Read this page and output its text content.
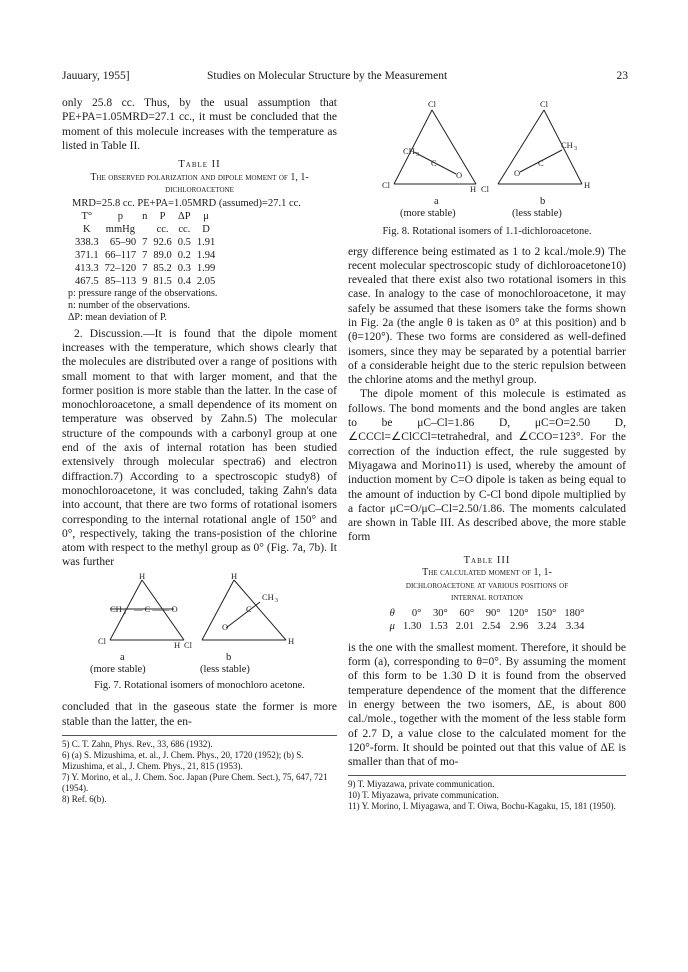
Jauuary, 1955]	Studies on Molecular Structure by the Measurement	23

only 25.8 cc. Thus, by the usual assumption that PE+PA=1.05MRD=27.1 cc., it must be concluded that the moment of this molecule increases with the temperature as listed in Table II.

Table II
The observed polarization and dipole moment of 1, 1-dichloroacetone
MRD=25.8 cc. PE+PA=1.05MRD (assumed)=27.1 cc.
T°	p	n	P	ΔP	μ
K	mmHg		cc.	cc.	D
338.3	65–90	7	92.6	0.5	1.91
371.1	66–117	7	89.0	0.2	1.94
413.3	72–120	7	85.2	0.3	1.99
467.5	85–113	9	81.5	0.4	2.05
p: pressure range of the observations.
n: number of the observations.
ΔP: mean deviation of P.

2. Discussion.—It is found that the dipole moment increases with the temperature, which shows clearly that the molecules are distributed over a range of positions with small moment to that with larger moment, and that the former position is more stable than the latter. In the case of monochloroacetone, a small dependence of its moment on temperature was observed by Zahn.5) The molecular structure of the compounds with a carbonyl group at one end of the axis of internal rotation has been studied extensively through molecular spectra6) and electron diffraction.7) According to a spectroscopic study8) of monochloroacetone, it was concluded, taking Zahn's data into account, that there are two forms of rotational isomers corresponding to the internal rotational angle of 150° and 0°, respectively, taking the trans-posistion of the chlorine atom with respect to the methyl group as 0° (Fig. 7a, 7b). It was further

H
CH 3 — C —— O
Cl	H Cl
H
CH 3
C
O
H
a	b
(more stable)	(less stable)
Fig. 7. Rotational isomers of monochloro acetone.

concluded that in the gaseous state the former is more stable than the latter, the en-

5) C. T. Zahn, Phys. Rev., 33, 686 (1932).
6) (a) S. Mizushima, et. al., J. Chem. Phys., 20, 1720 (1952); (b) S. Mizushima, et al., J. Chem. Phys., 21, 815 (1953).
7) Y. Morino, et al., J. Chem. Soc. Japan (Pure Chem. Sect.), 75, 647, 721 (1954).
8) Ref. 6(b).
Cl
CH 3
C
O
Cl	H Cl
Cl
CH 3
C
O
H
a	b
(more stable)	(less stable)
Fig. 8. Rotational isomers of 1.1-dichloroacetone.

ergy difference being estimated as 1 to 2 kcal./mole.9) The recent molecular spectroscopic study of dichloroacetone10) revealed that there exist also two rotational isomers in this case. In analogy to the case of monochloroacetone, it may safely be assumed that these isomers take the forms shown in Fig. 2a (the angle θ is taken as 0° at this position) and b (θ=120°). These two forms are considered as well-defined isomers, since they may be separated by a potential barrier of a considerable height due to the steric repulsion between the chlorine atoms and the methyl group.

The dipole moment of this molecule is estimated as follows. The bond moments and the bond angles are taken to be μC–Cl=1.86 D, μC=O=2.50 D, ∠CCCl=∠ClCCl=tetrahedral, and ∠CCO=123°. For the correction of the induction effect, the rule suggested by Miyagawa and Morino11) is used, whereby the amount of induction moment by C=O dipole is taken as being equal to the amount of induction by C-Cl bond dipole multiplied by a factor μC=O/μC–Cl=2.50/1.86. The moments calculated are shown in Table III. As described above, the more stable form

Table III
The calculated moment of 1, 1-dichloroacetone at various positions of internal rotation
θ	0°	30°	60°	90°	120°	150°	180°
μ	1.30	1.53	2.01	2.54	2.96	3.24	3.34

is the one with the smallest moment. Therefore, it should be form (a), corresponding to θ=0°. By assuming the moment of this form to be 1.30 D it is found from the observed temperature dependence of the moment that the difference in energy between the two isomers, ΔE, is about 800 cal./mole., together with the moment of the less stable form of 2.7 D, a value close to the calculated moment for the 120°-form. It should be pointed out that this value of ΔE is smaller than that of mo-

9) T. Miyazawa, private communication.
10) T. Miyazawa, private communication.
11) Y. Morino, I. Miyagawa, and T. Oiwa, Bochu-Kagaku, 15, 181 (1950).
